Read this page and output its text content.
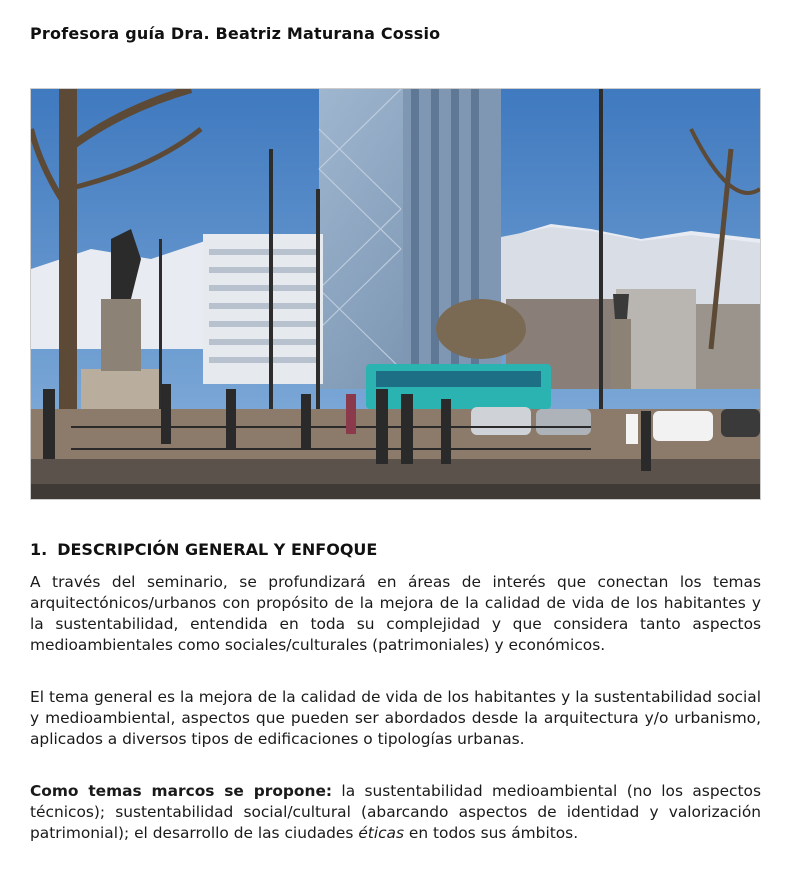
Profesora guía Dra. Beatriz Maturana Cossio
1. DESCRIPCIÓN GENERAL Y ENFOQUE

A través del seminario, se profundizará en áreas de interés que conectan los temas arquitectónicos/urbanos con propósito de la mejora de la calidad de vida de los habitantes y la sustentabilidad, entendida en toda su complejidad y que considera tanto aspectos medioambientales como sociales/culturales (patrimoniales) y económicos.

El tema general es la mejora de la calidad de vida de los habitantes y la sustentabilidad social y medioambiental, aspectos que pueden ser abordados desde la arquitectura y/o urbanismo, aplicados a diversos tipos de edificaciones o tipologías urbanas.

Como temas marcos se propone: la sustentabilidad medioambiental (no los aspectos técnicos); sustentabilidad social/cultural (abarcando aspectos de identidad y valorización patrimonial); el desarrollo de las ciudades éticas en todos sus ámbitos.
